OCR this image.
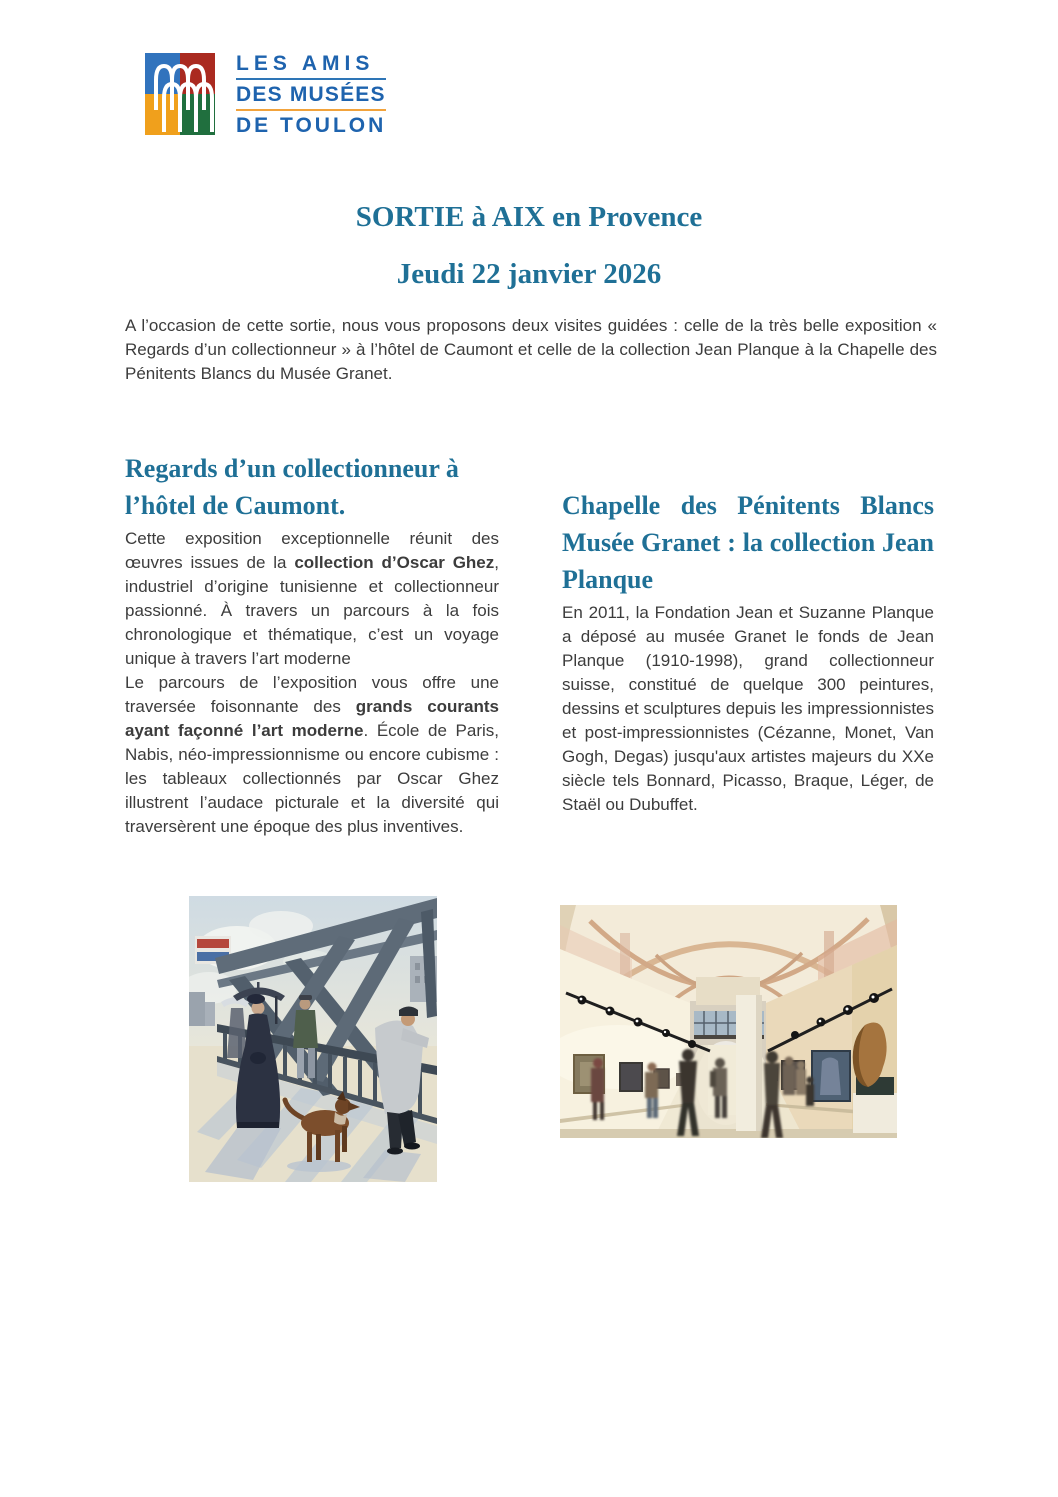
LES AMIS
DES MUSÉES
DE TOULON
SORTIE à AIX en Provence
Jeudi 22 janvier 2026

A l’occasion de cette sortie, nous vous proposons deux visites guidées : celle de la très belle exposition « Regards d’un collectionneur » à l’hôtel de Caumont et celle de la collection Jean Planque à la Chapelle des Pénitents Blancs du Musée Granet.

Regards d’un collectionneur à l’hôtel de Caumont.

Cette exposition exceptionnelle réunit des œuvres issues de la collection d’Oscar Ghez, industriel d’origine tunisienne et collectionneur passionné. À travers un parcours à la fois chronologique et thématique, c’est un voyage unique à travers l’art moderne

Le parcours de l’exposition vous offre une traversée foisonnante des grands courants ayant façonné l’art moderne. École de Paris, Nabis, néo-impressionnisme ou encore cubisme : les tableaux collectionnés par Oscar Ghez illustrent l’audace picturale et la diversité qui traversèrent une époque des plus inventives.

Chapelle des Pénitents Blancs Musée Granet : la collection Jean Planque

En 2011, la Fondation Jean et Suzanne Planque a déposé au musée Granet le fonds de Jean Planque (1910-1998), grand collectionneur suisse, constitué de quelque 300 peintures, dessins et sculptures depuis les impressionnistes et post-impressionnistes (Cézanne, Monet, Van Gogh, Degas) jusqu'aux artistes majeurs du XXe siècle tels Bonnard, Picasso, Braque, Léger, de Staël ou Dubuffet.
